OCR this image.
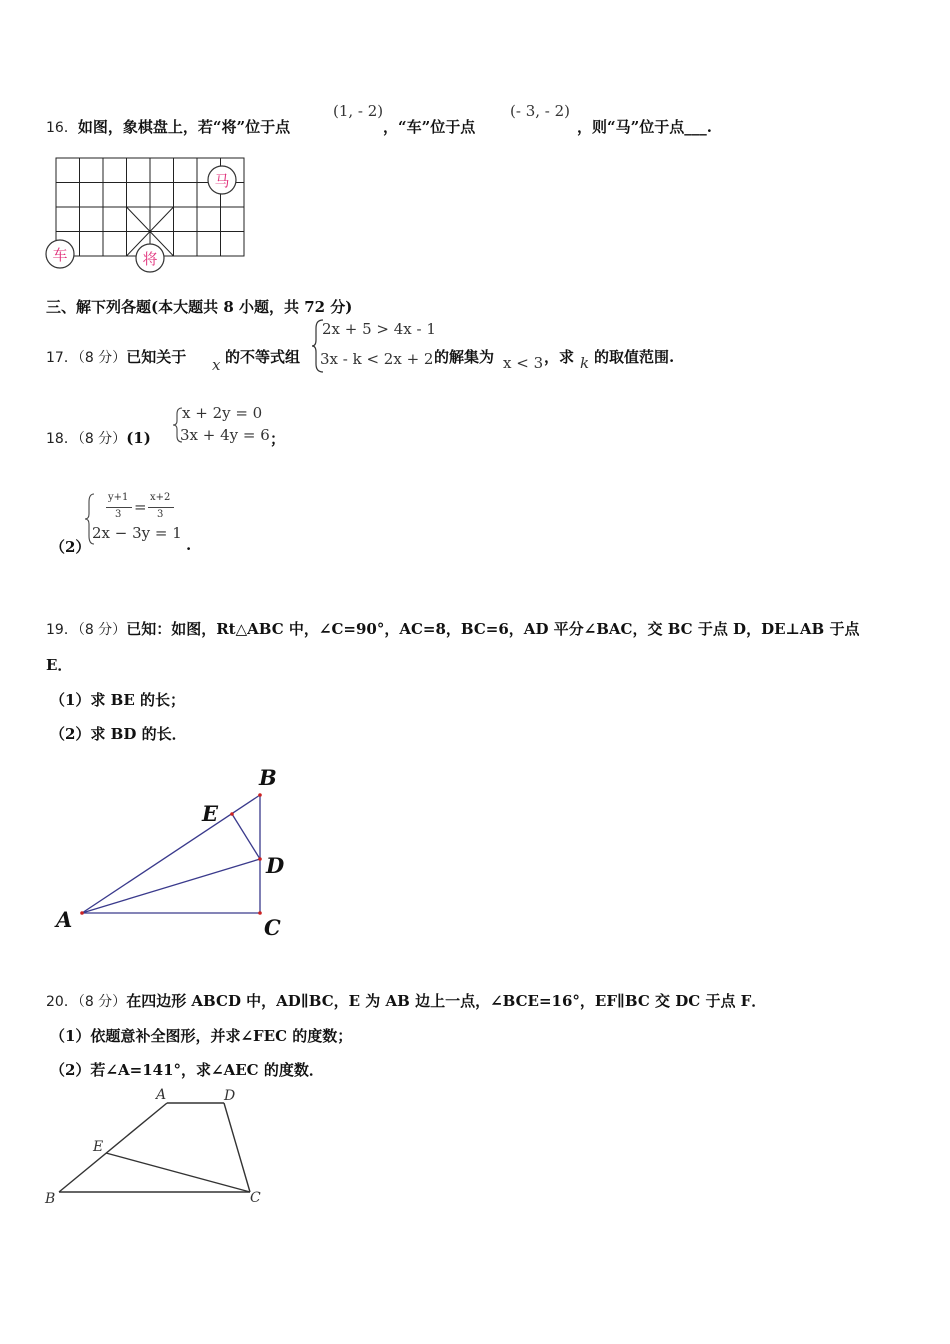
16．如图，象棋盘上，若“将”位于点
(1, - 2)
，“车”位于点
(- 3, - 2)
，则“马”位于点___.
马
车	将
三、解下列各题(本大题共 8 小题，共 72 分)
17．（8 分）已知关于 x 的不等式组
2x + 5 > 4x - 1
3x - k < 2x + 2 的解集为 x < 3 ，求 k 的取值范围.
18．（8 分）(1)
x + 2y = 0
3x + 4y = 6 ；
（2）
y+1
3 =
x+2
3
2x − 3y = 1
.
19．（8 分）已知：如图，Rt△ABC 中，∠C=90°，AC=8，BC=6，AD 平分∠BAC，交 BC 于点 D，DE⊥AB 于点
E．
（1）求 BE 的长；
（2）求 BD 的长．
A
B
C
D
E
20．（8 分）在四边形 ABCD 中，AD∥BC，E 为 AB 边上一点，∠BCE=16°，EF∥BC 交 DC 于点 F．
（1）依题意补全图形，并求∠FEC 的度数；
（2）若∠A=141°，求∠AEC 的度数．
A	D
E
B	C
